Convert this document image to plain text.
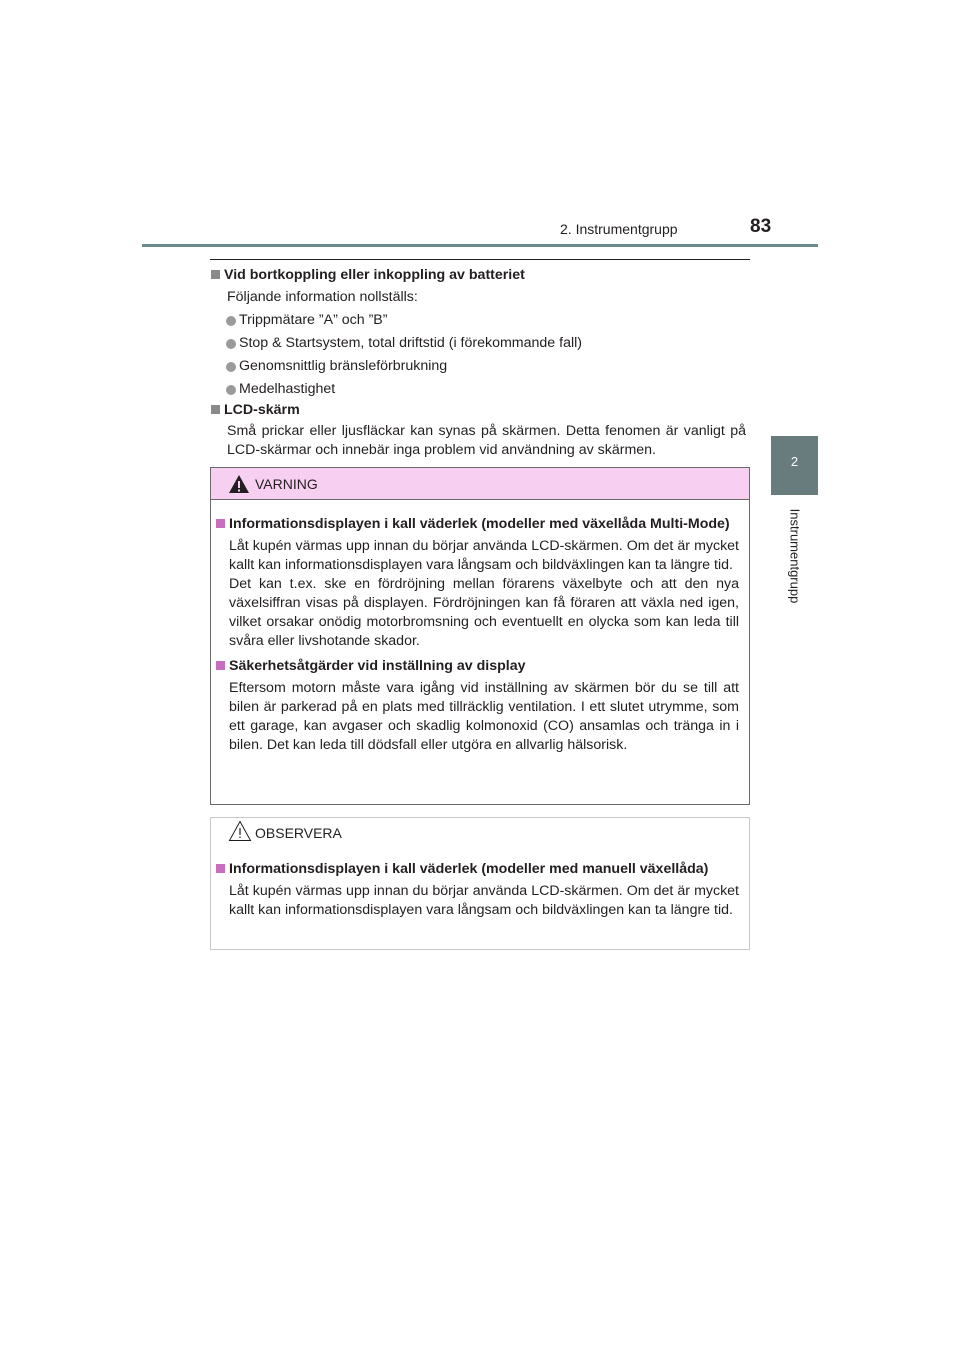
2. Instrumentgrupp	83
2
Instrumentgrupp
Vid bortkoppling eller inkoppling av batteriet
Följande information nollställs:
Trippmätare ”A” och ”B”
Stop & Startsystem, total driftstid (i förekommande fall)
Genomsnittlig bränsleförbrukning
Medelhastighet
LCD-skärm
Små prickar eller ljusfläckar kan synas på skärmen. Detta fenomen är vanligt på LCD-skärmar och innebär inga problem vid användning av skärmen.
VARNING
Informationsdisplayen i kall väderlek (modeller med växellåda Multi-Mode)
Låt kupén värmas upp innan du börjar använda LCD-skärmen. Om det är mycket kallt kan informationsdisplayen vara långsam och bildväxlingen kan ta längre tid.
Det kan t.ex. ske en fördröjning mellan förarens växelbyte och att den nya växelsiffran visas på displayen. Fördröjningen kan få föraren att växla ned igen, vilket orsakar onödig motorbromsning och eventuellt en olycka som kan leda till svåra eller livshotande skador.
Säkerhetsåtgärder vid inställning av display
Eftersom motorn måste vara igång vid inställning av skärmen bör du se till att bilen är parkerad på en plats med tillräcklig ventilation. I ett slutet utrymme, som ett garage, kan avgaser och skadlig kolmonoxid (CO) ansamlas och tränga in i bilen. Det kan leda till dödsfall eller utgöra en allvarlig hälsorisk.
OBSERVERA
Informationsdisplayen i kall väderlek (modeller med manuell växellåda)
Låt kupén värmas upp innan du börjar använda LCD-skärmen. Om det är mycket kallt kan informationsdisplayen vara långsam och bildväxlingen kan ta längre tid.
